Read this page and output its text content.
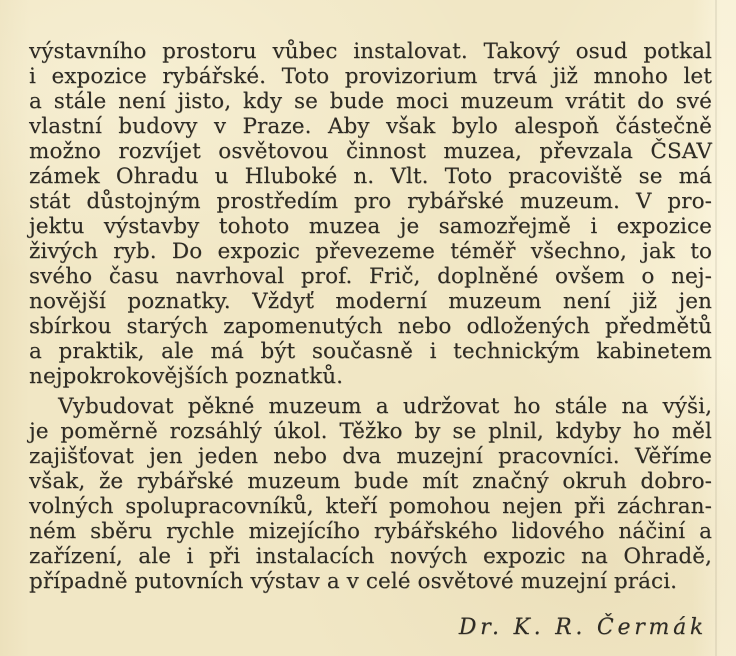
výstavního prostoru vůbec instalovat. Takový osud potkal
i expozice rybářské. Toto provizorium trvá již mnoho let
a stále není jisto, kdy se bude moci muzeum vrátit do své
vlastní budovy v Praze. Aby však bylo alespoň částečně
možno rozvíjet osvětovou činnost muzea, převzala ČSAV
zámek Ohradu u Hluboké n. Vlt. Toto pracoviště se má
stát důstojným prostředím pro rybářské muzeum. V pro-
jektu výstavby tohoto muzea je samozřejmě i expozice
živých ryb. Do expozic převezeme téměř všechno, jak to
svého času navrhoval prof. Frič, doplněné ovšem o nej-
novější poznatky. Vždyť moderní muzeum není již jen
sbírkou starých zapomenutých nebo odložených předmětů
a praktik, ale má být současně i technickým kabinetem
nejpokrokovějších poznatků.
Vybudovat pěkné muzeum a udržovat ho stále na výši,
je poměrně rozsáhlý úkol. Těžko by se plnil, kdyby ho měl
zajišťovat jen jeden nebo dva muzejní pracovníci. Věříme
však, že rybářské muzeum bude mít značný okruh dobro-
volných spolupracovníků, kteří pomohou nejen při záchran-
ném sběru rychle mizejícího rybářského lidového náčiní a
zařízení, ale i při instalacích nových expozic na Ohradě,
případně putovních výstav a v celé osvětové muzejní práci.
Dr. K. R. Čermák
